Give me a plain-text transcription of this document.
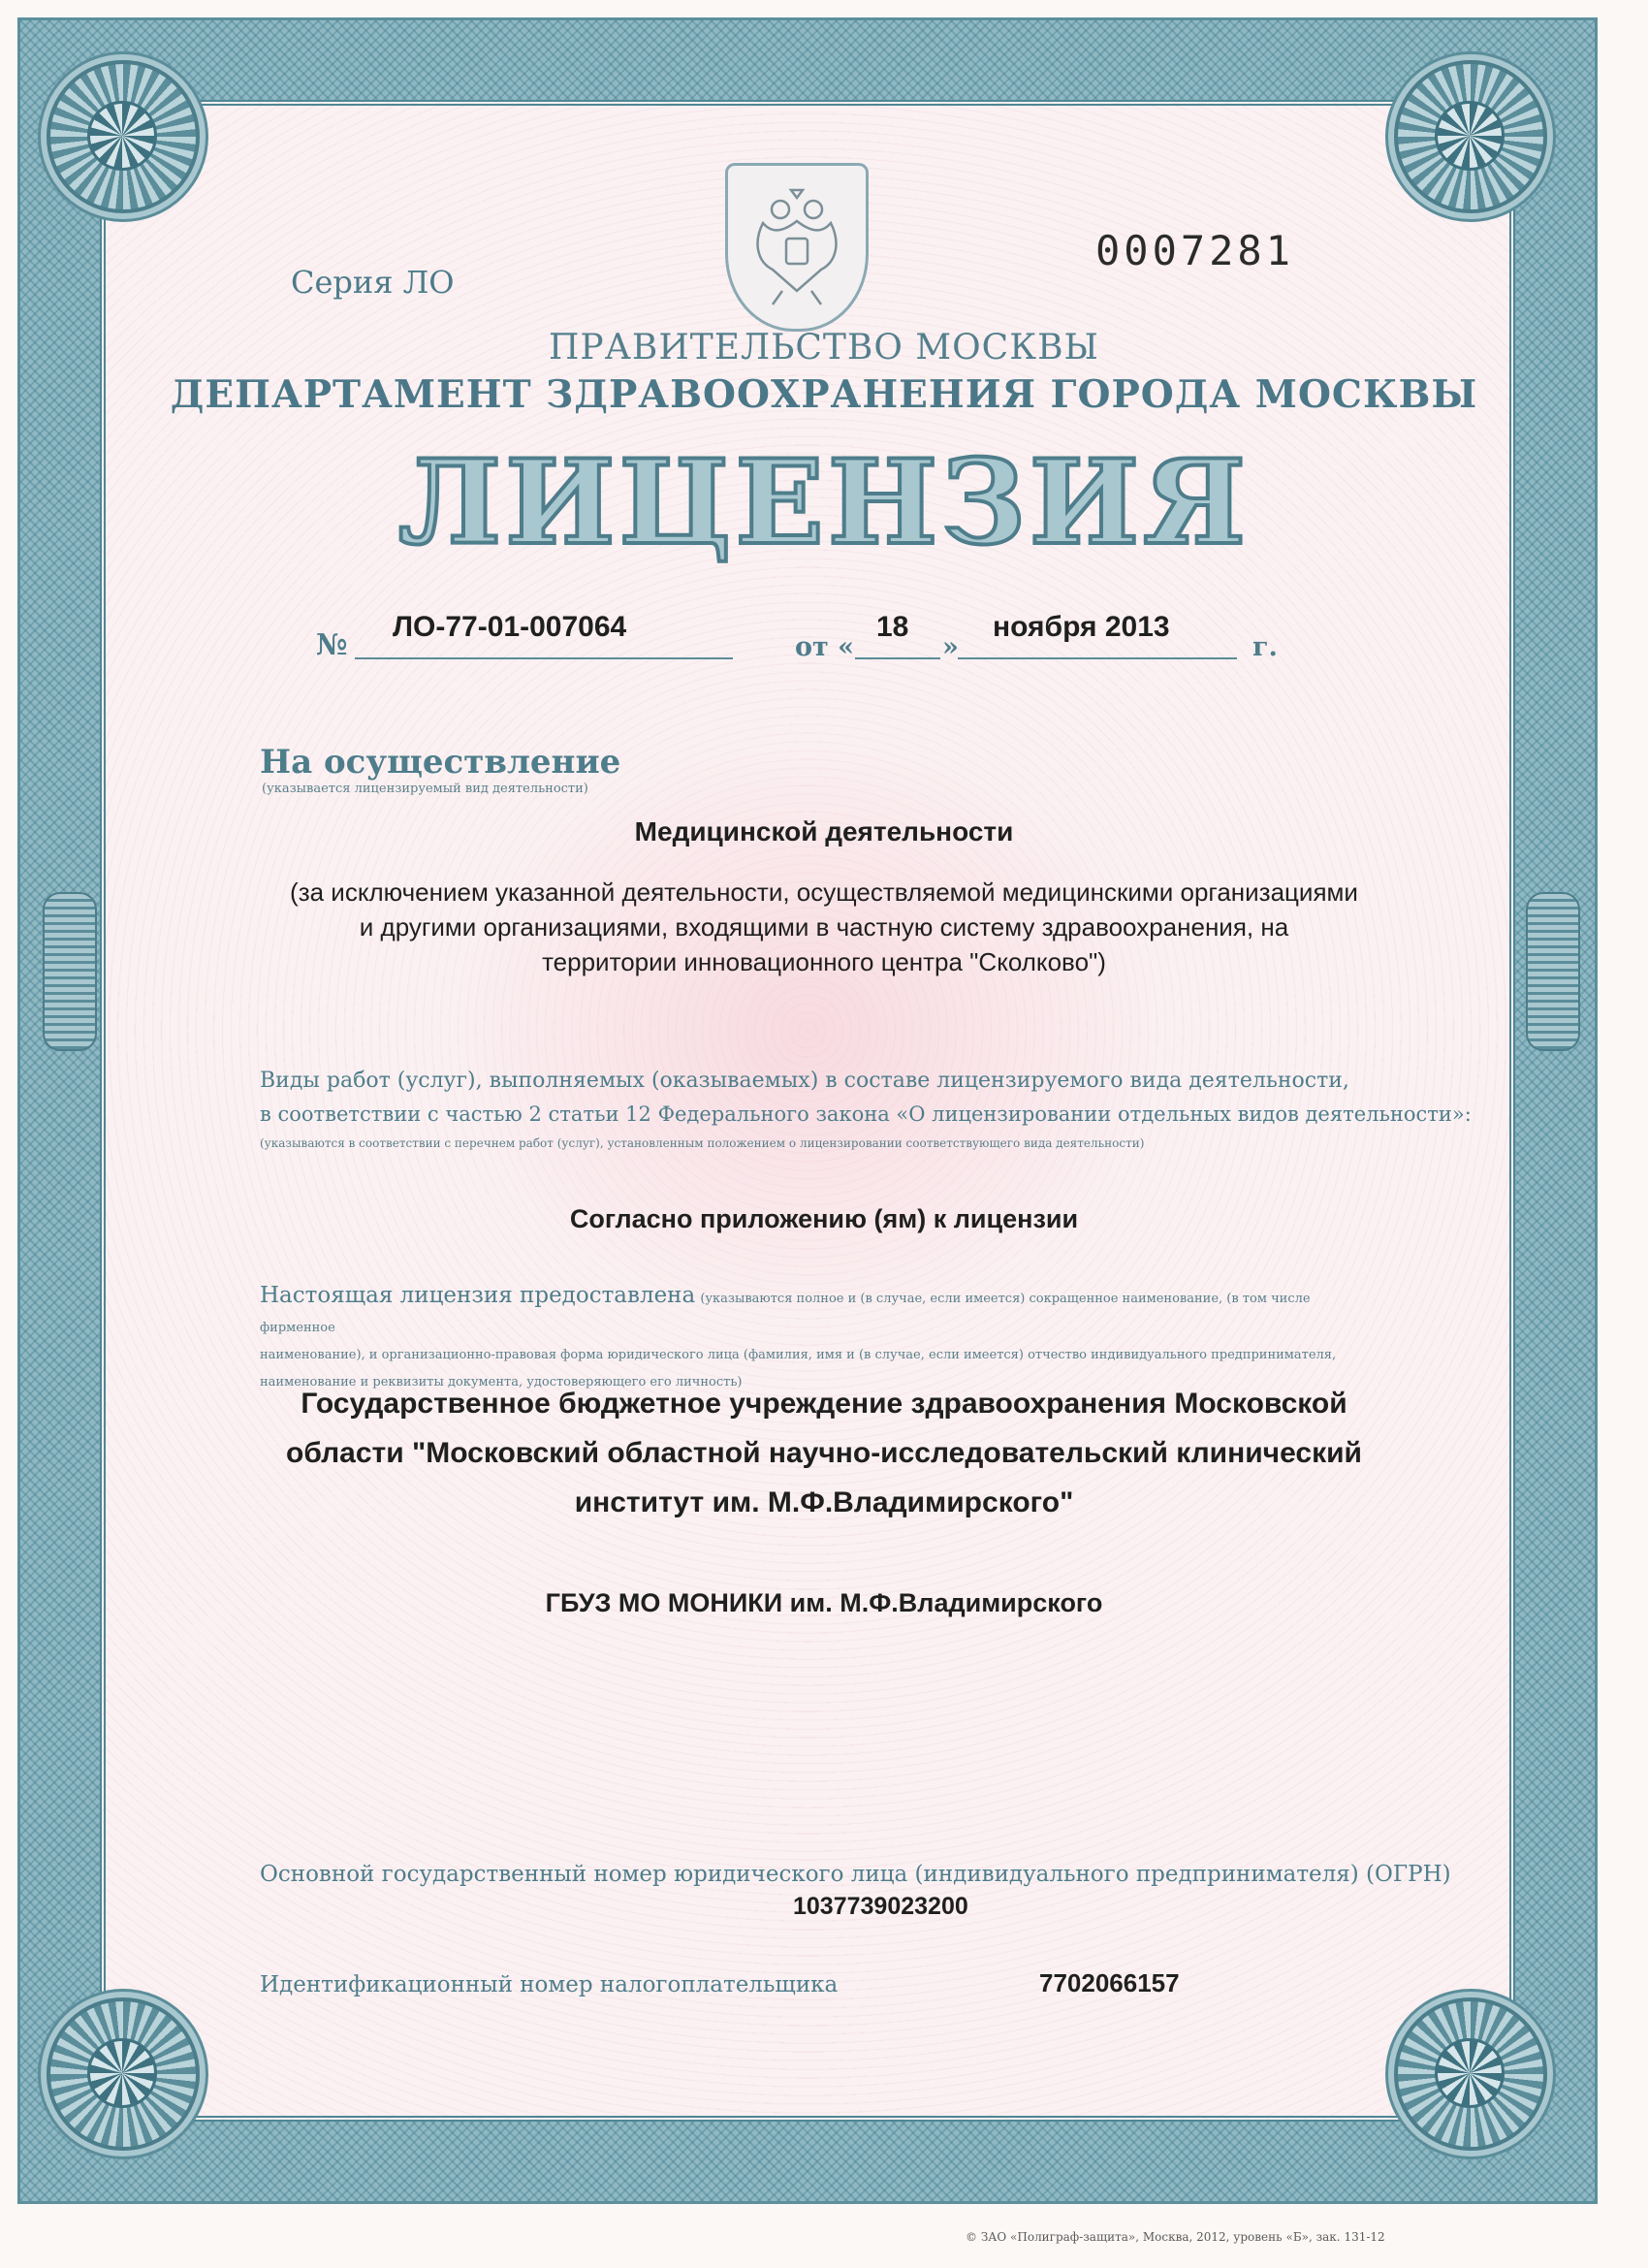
Серия ЛО
0007281
ПРАВИТЕЛЬСТВО МОСКВЫ
ДЕПАРТАМЕНТ ЗДРАВООХРАНЕНИЯ ГОРОДА МОСКВЫ
ЛИЦЕНЗИЯ
№
ЛО-77-01-007064
от «
18
»
ноября 2013
г.
На осуществление
(указывается лицензируемый вид деятельности)
Медицинской деятельности
(за исключением указанной деятельности, осуществляемой медицинскими организациями
и другими организациями, входящими в частную систему здравоохранения, на
территории инновационного центра "Сколково")
Виды работ (услуг), выполняемых (оказываемых) в составе лицензируемого вида деятельности,
в соответствии с частью 2 статьи 12 Федерального закона «О лицензировании отдельных видов деятельности»:
(указываются в соответствии с перечнем работ (услуг), установленным положением о лицензировании соответствующего вида деятельности)
Согласно приложению (ям) к лицензии
Настоящая лицензия предоставлена (указываются полное и (в случае, если имеется) сокращенное наименование, (в том числе фирменное
наименование), и организационно-правовая форма юридического лица (фамилия, имя и (в случае, если имеется) отчество индивидуального предпринимателя,
наименование и реквизиты документа, удостоверяющего его личность)
Государственное бюджетное учреждение здравоохранения Московской
области "Московский областной научно-исследовательский клинический
институт им. М.Ф.Владимирского"
ГБУЗ МО МОНИКИ им. М.Ф.Владимирского
Основной государственный номер юридического лица (индивидуального предпринимателя) (ОГРН)
1037739023200
Идентификационный номер налогоплательщика	7702066157
© ЗАО «Полиграф-защита», Москва, 2012, уровень «Б», зак. 131-12
